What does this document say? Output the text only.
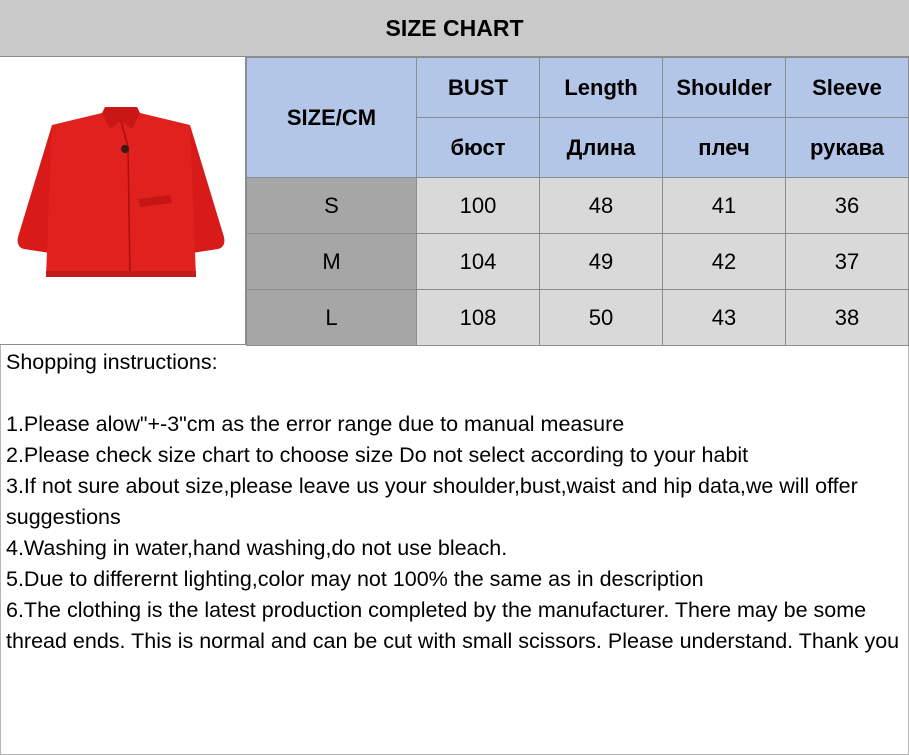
SIZE CHART
SIZE/CM	BUST	Length	Shoulder	Sleeve
	бюст	Длина	плеч	рукава
S	100	48	41	36
M	104	49	42	37
L	108	50	43	38

Shopping instructions:

1.Please alow"+-3"cm as the error range due to manual measure

2.Please check size chart to choose size Do not select according to your habit

3.If not sure about size,please leave us your shoulder,bust,waist and hip data,we will offer suggestions

4.Washing in water,hand washing,do not use bleach.

5.Due to differernt lighting,color may not 100% the same as in description

6.The clothing is the latest production completed by the manufacturer. There may be some thread ends. This is normal and can be cut with small scissors. Please understand. Thank you
